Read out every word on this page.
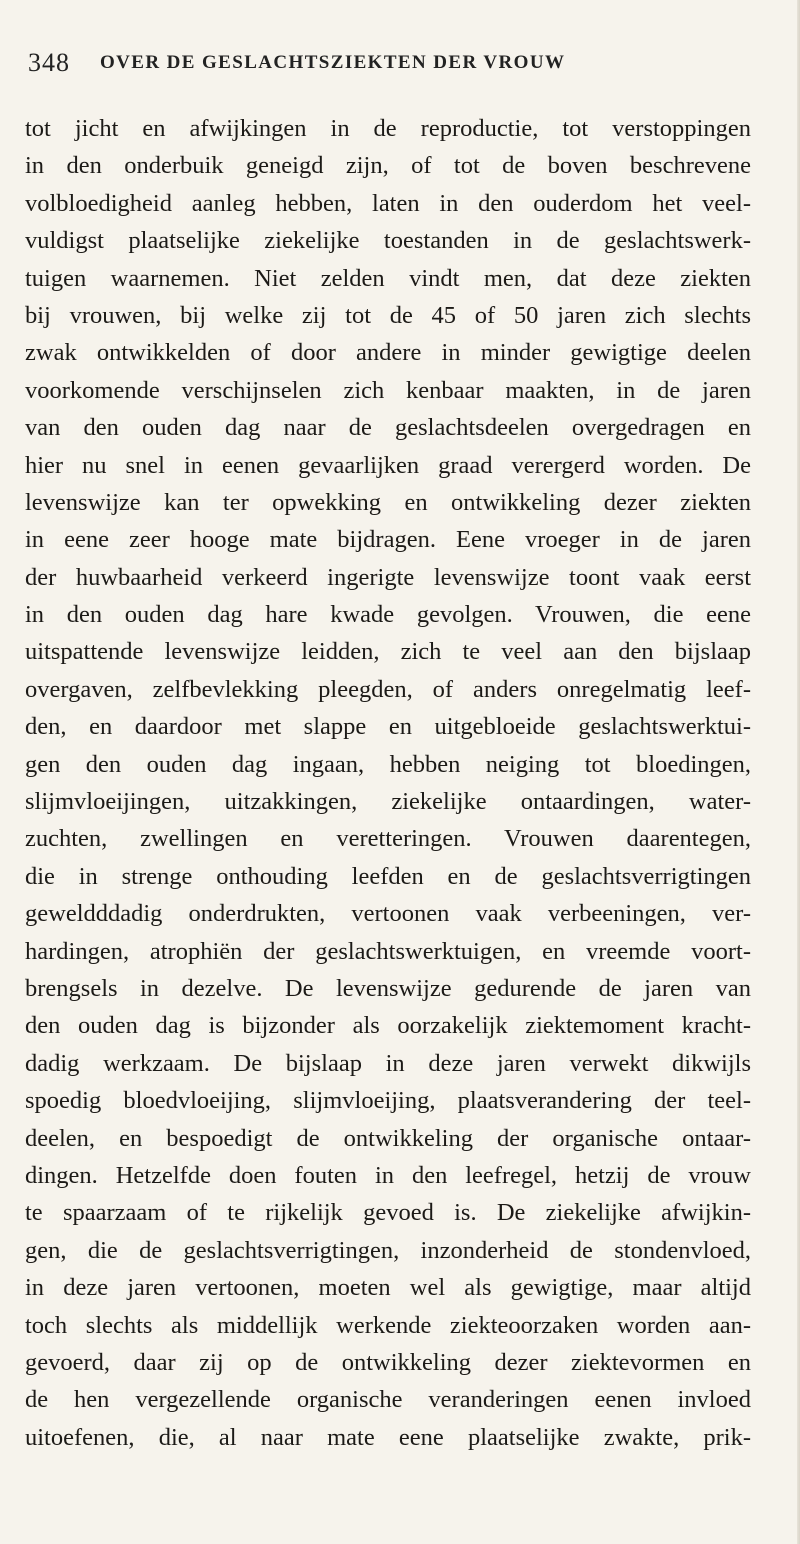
348 OVER DE GESLACHTSZIEKTEN DER VROUW
tot jicht en afwijkingen in de reproductie, tot verstoppingen
in den onderbuik geneigd zijn, of tot de boven beschrevene
volbloedigheid aanleg hebben, laten in den ouderdom het veel-
vuldigst plaatselijke ziekelijke toestanden in de geslachtswerk-
tuigen waarnemen. Niet zelden vindt men, dat deze ziekten
bij vrouwen, bij welke zij tot de 45 of 50 jaren zich slechts
zwak ontwikkelden of door andere in minder gewigtige deelen
voorkomende verschijnselen zich kenbaar maakten, in de jaren
van den ouden dag naar de geslachtsdeelen overgedragen en
hier nu snel in eenen gevaarlijken graad verergerd worden. De
levenswijze kan ter opwekking en ontwikkeling dezer ziekten
in eene zeer hooge mate bijdragen. Eene vroeger in de jaren
der huwbaarheid verkeerd ingerigte levenswijze toont vaak eerst
in den ouden dag hare kwade gevolgen. Vrouwen, die eene
uitspattende levenswijze leidden, zich te veel aan den bijslaap
overgaven, zelfbevlekking pleegden, of anders onregelmatig leef-
den, en daardoor met slappe en uitgebloeide geslachtswerktui-
gen den ouden dag ingaan, hebben neiging tot bloedingen,
slijmvloeijingen, uitzakkingen, ziekelijke ontaardingen, water-
zuchten, zwellingen en veretteringen. Vrouwen daarentegen,
die in strenge onthouding leefden en de geslachtsverrigtingen
geweldddadig onderdrukten, vertoonen vaak verbeeningen, ver-
hardingen, atrophiën der geslachtswerktuigen, en vreemde voort-
brengsels in dezelve. De levenswijze gedurende de jaren van
den ouden dag is bijzonder als oorzakelijk ziektemoment kracht-
dadig werkzaam. De bijslaap in deze jaren verwekt dikwijls
spoedig bloedvloeijing, slijmvloeijing, plaatsverandering der teel-
deelen, en bespoedigt de ontwikkeling der organische ontaar-
dingen. Hetzelfde doen fouten in den leefregel, hetzij de vrouw
te spaarzaam of te rijkelijk gevoed is. De ziekelijke afwijkin-
gen, die de geslachtsverrigtingen, inzonderheid de stondenvloed,
in deze jaren vertoonen, moeten wel als gewigtige, maar altijd
toch slechts als middellijk werkende ziekteoorzaken worden aan-
gevoerd, daar zij op de ontwikkeling dezer ziektevormen en
de hen vergezellende organische veranderingen eenen invloed
uitoefenen, die, al naar mate eene plaatselijke zwakte, prik-
